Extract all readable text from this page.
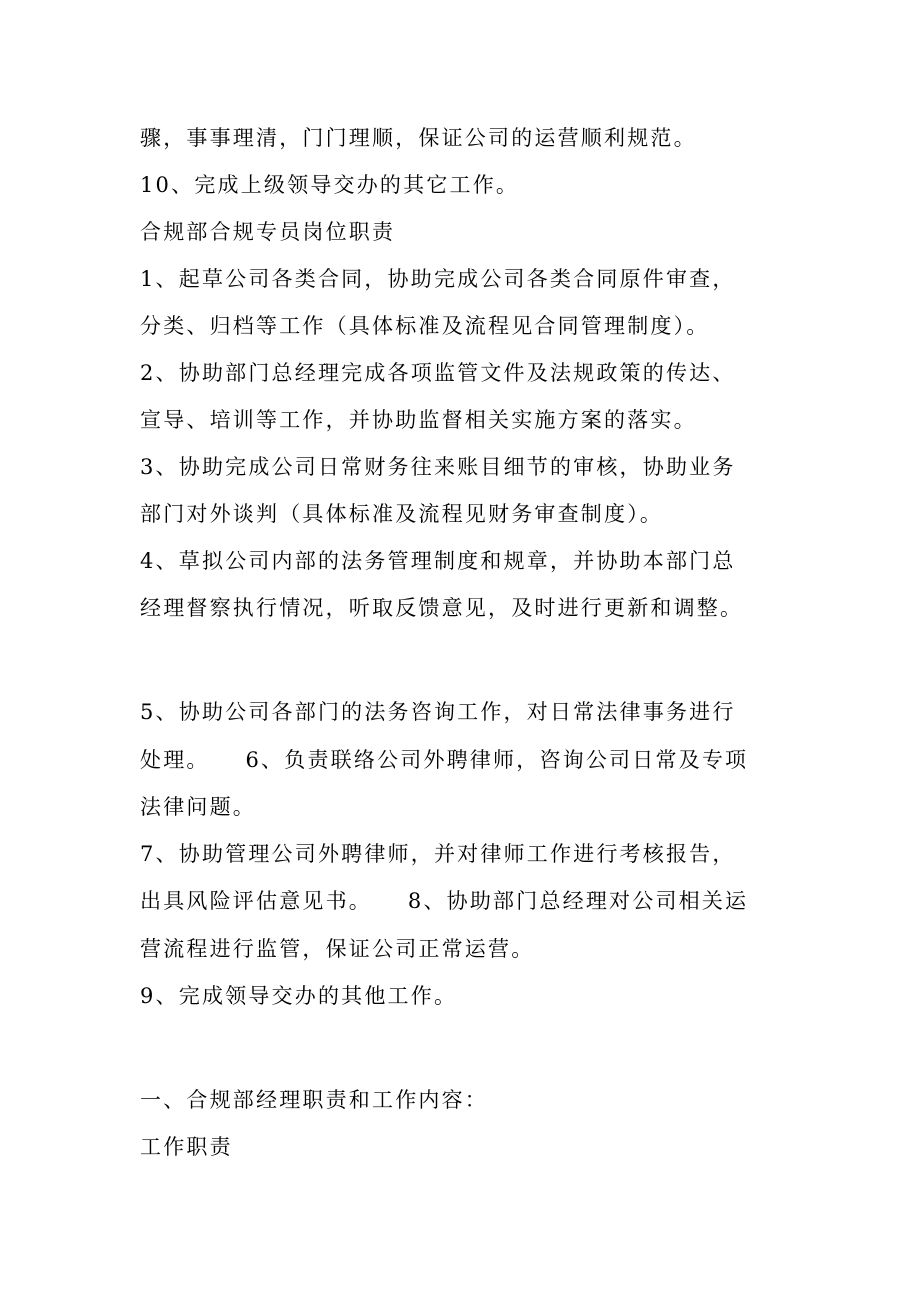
骤，事事理清，门门理顺，保证公司的运营顺利规范。

10、完成上级领导交办的其它工作。

合规部合规专员岗位职责

1、起草公司各类合同，协助完成公司各类合同原件审查，

分类、归档等工作（具体标准及流程见合同管理制度）。

2、协助部门总经理完成各项监管文件及法规政策的传达、

宣导、培训等工作，并协助监督相关实施方案的落实。

3、协助完成公司日常财务往来账目细节的审核，协助业务

部门对外谈判（具体标准及流程见财务审查制度）。

4、草拟公司内部的法务管理制度和规章，并协助本部门总

经理督察执行情况，听取反馈意见，及时进行更新和调整。

5、协助公司各部门的法务咨询工作，对日常法律事务进行

处理。　　6、负责联络公司外聘律师，咨询公司日常及专项

法律问题。

7、协助管理公司外聘律师，并对律师工作进行考核报告，

出具风险评估意见书。　　8、协助部门总经理对公司相关运

营流程进行监管，保证公司正常运营。

9、完成领导交办的其他工作。

一、合规部经理职责和工作内容：

工作职责
